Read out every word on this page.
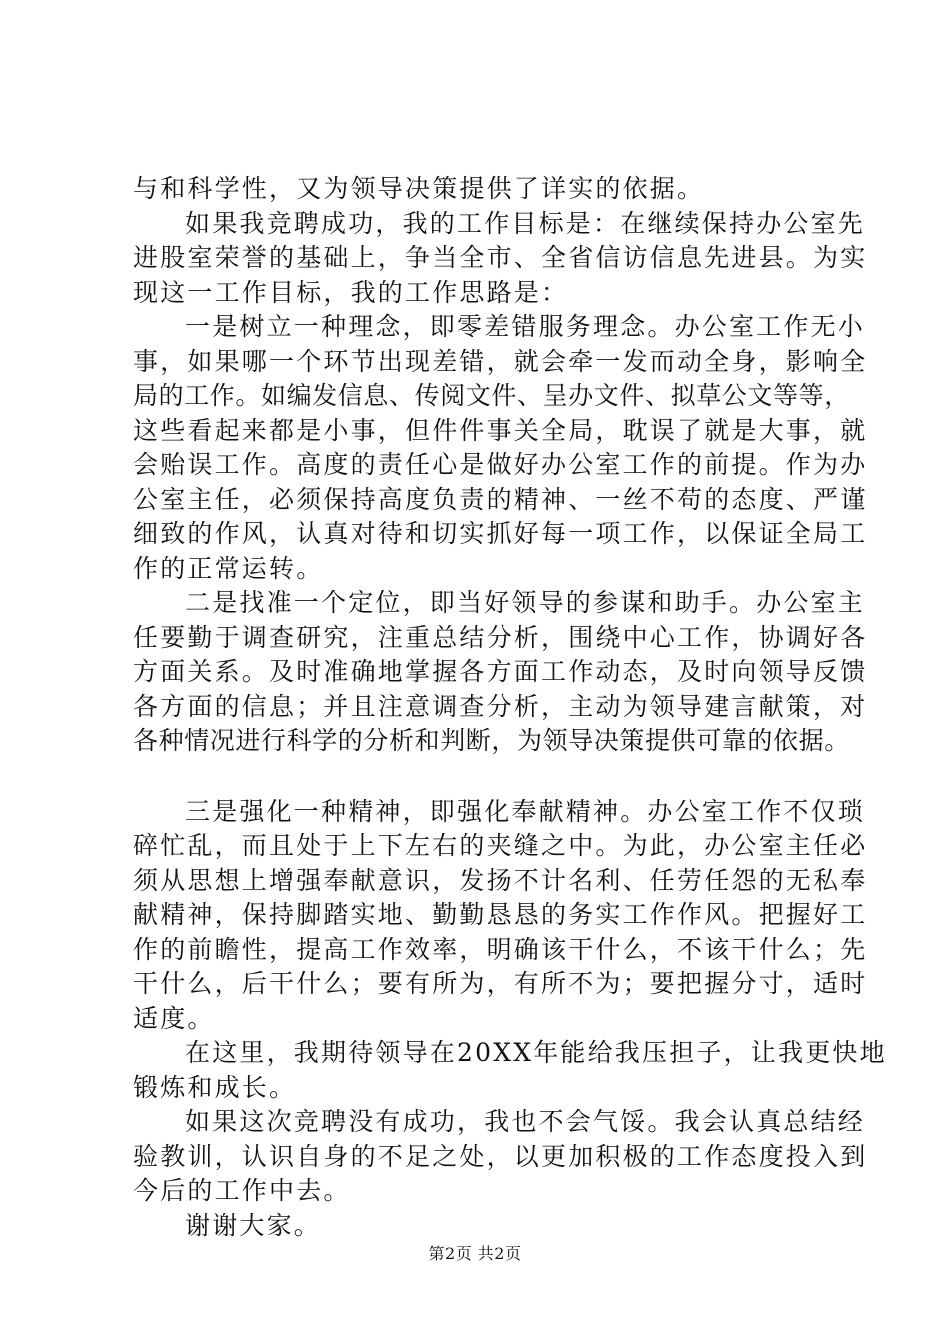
与和科学性，又为领导决策提供了详实的依据。
如果我竞聘成功，我的工作目标是：在继续保持办公室先
进股室荣誉的基础上，争当全市、全省信访信息先进县。为实
现这一工作目标，我的工作思路是：
一是树立一种理念，即零差错服务理念。办公室工作无小
事，如果哪一个环节出现差错，就会牵一发而动全身，影响全
局的工作。如编发信息、传阅文件、呈办文件、拟草公文等等，
这些看起来都是小事，但件件事关全局，耽误了就是大事，就
会贻误工作。高度的责任心是做好办公室工作的前提。作为办
公室主任，必须保持高度负责的精神、一丝不苟的态度、严谨
细致的作风，认真对待和切实抓好每一项工作，以保证全局工
作的正常运转。
二是找准一个定位，即当好领导的参谋和助手。办公室主
任要勤于调查研究，注重总结分析，围绕中心工作，协调好各
方面关系。及时准确地掌握各方面工作动态，及时向领导反馈
各方面的信息；并且注意调查分析，主动为领导建言献策，对
各种情况进行科学的分析和判断，为领导决策提供可靠的依据。
三是强化一种精神，即强化奉献精神。办公室工作不仅琐
碎忙乱，而且处于上下左右的夹缝之中。为此，办公室主任必
须从思想上增强奉献意识，发扬不计名利、任劳任怨的无私奉
献精神，保持脚踏实地、勤勤恳恳的务实工作作风。把握好工
作的前瞻性，提高工作效率，明确该干什么，不该干什么；先
干什么，后干什么；要有所为，有所不为；要把握分寸，适时
适度。
在这里，我期待领导在20XX年能给我压担子，让我更快地
锻炼和成长。
如果这次竞聘没有成功，我也不会气馁。我会认真总结经
验教训，认识自身的不足之处，以更加积极的工作态度投入到
今后的工作中去。
谢谢大家。
第2页 共2页
